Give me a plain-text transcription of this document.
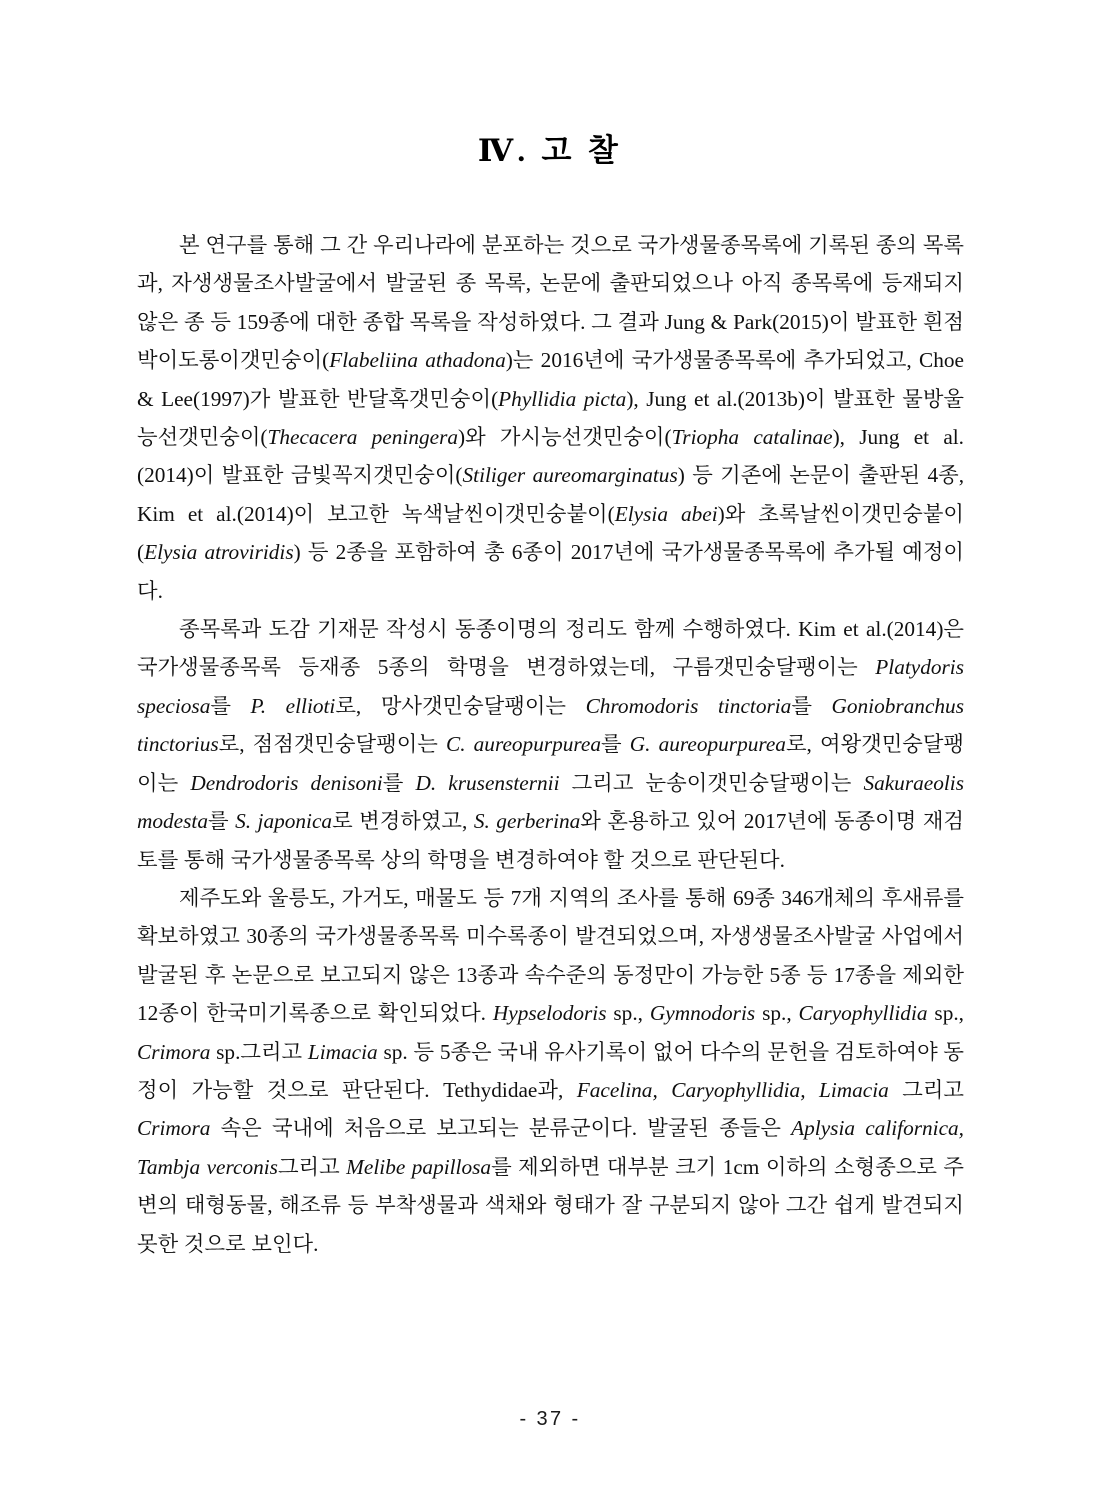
Ⅳ. 고 찰

본 연구를 통해 그 간 우리나라에 분포하는 것으로 국가생물종목록에 기록된 종의 목록과, 자생생물조사발굴에서 발굴된 종 목록, 논문에 출판되었으나 아직 종목록에 등재되지 않은 종 등 159종에 대한 종합 목록을 작성하였다. 그 결과 Jung & Park(2015)이 발표한 흰점박이도롱이갯민숭이(Flabeliina athadona)는 2016년에 국가생물종목록에 추가되었고, Choe & Lee(1997)가 발표한 반달혹갯민숭이(Phyllidia picta), Jung et al.(2013b)이 발표한 물방울능선갯민숭이(Thecacera peningera)와 가시능선갯민숭이(Triopha catalinae), Jung et al.(2014)이 발표한 금빛꼭지갯민숭이(Stiliger aureomarginatus) 등 기존에 논문이 출판된 4종, Kim et al.(2014)이 보고한 녹색날씬이갯민숭붙이(Elysia abei)와 초록날씬이갯민숭붙이(Elysia atroviridis) 등 2종을 포함하여 총 6종이 2017년에 국가생물종목록에 추가될 예정이다.

종목록과 도감 기재문 작성시 동종이명의 정리도 함께 수행하였다. Kim et al.(2014)은 국가생물종목록 등재종 5종의 학명을 변경하였는데, 구름갯민숭달팽이는 Platydoris speciosa를 P. ellioti로, 망사갯민숭달팽이는 Chromodoris tinctoria를 Goniobranchus tinctorius로, 점점갯민숭달팽이는 C. aureopurpurea를 G. aureopurpurea로, 여왕갯민숭달팽이는 Dendrodoris denisoni를 D. krusensternii 그리고 눈송이갯민숭달팽이는 Sakuraeolis modesta를 S. japonica로 변경하였고, S. gerberina와 혼용하고 있어 2017년에 동종이명 재검토를 통해 국가생물종목록 상의 학명을 변경하여야 할 것으로 판단된다.

제주도와 울릉도, 가거도, 매물도 등 7개 지역의 조사를 통해 69종 346개체의 후새류를 확보하였고 30종의 국가생물종목록 미수록종이 발견되었으며, 자생생물조사발굴 사업에서 발굴된 후 논문으로 보고되지 않은 13종과 속수준의 동정만이 가능한 5종 등 17종을 제외한 12종이 한국미기록종으로 확인되었다. Hypselodoris sp., Gymnodoris sp., Caryophyllidia sp., Crimora sp.그리고 Limacia sp. 등 5종은 국내 유사기록이 없어 다수의 문헌을 검토하여야 동정이 가능할 것으로 판단된다. Tethydidae과, Facelina, Caryophyllidia, Limacia 그리고 Crimora 속은 국내에 처음으로 보고되는 분류군이다. 발굴된 종들은 Aplysia californica, Tambja verconis그리고 Melibe papillosa를 제외하면 대부분 크기 1cm 이하의 소형종으로 주변의 태형동물, 해조류 등 부착생물과 색채와 형태가 잘 구분되지 않아 그간 쉽게 발견되지 못한 것으로 보인다.

- 37 -
